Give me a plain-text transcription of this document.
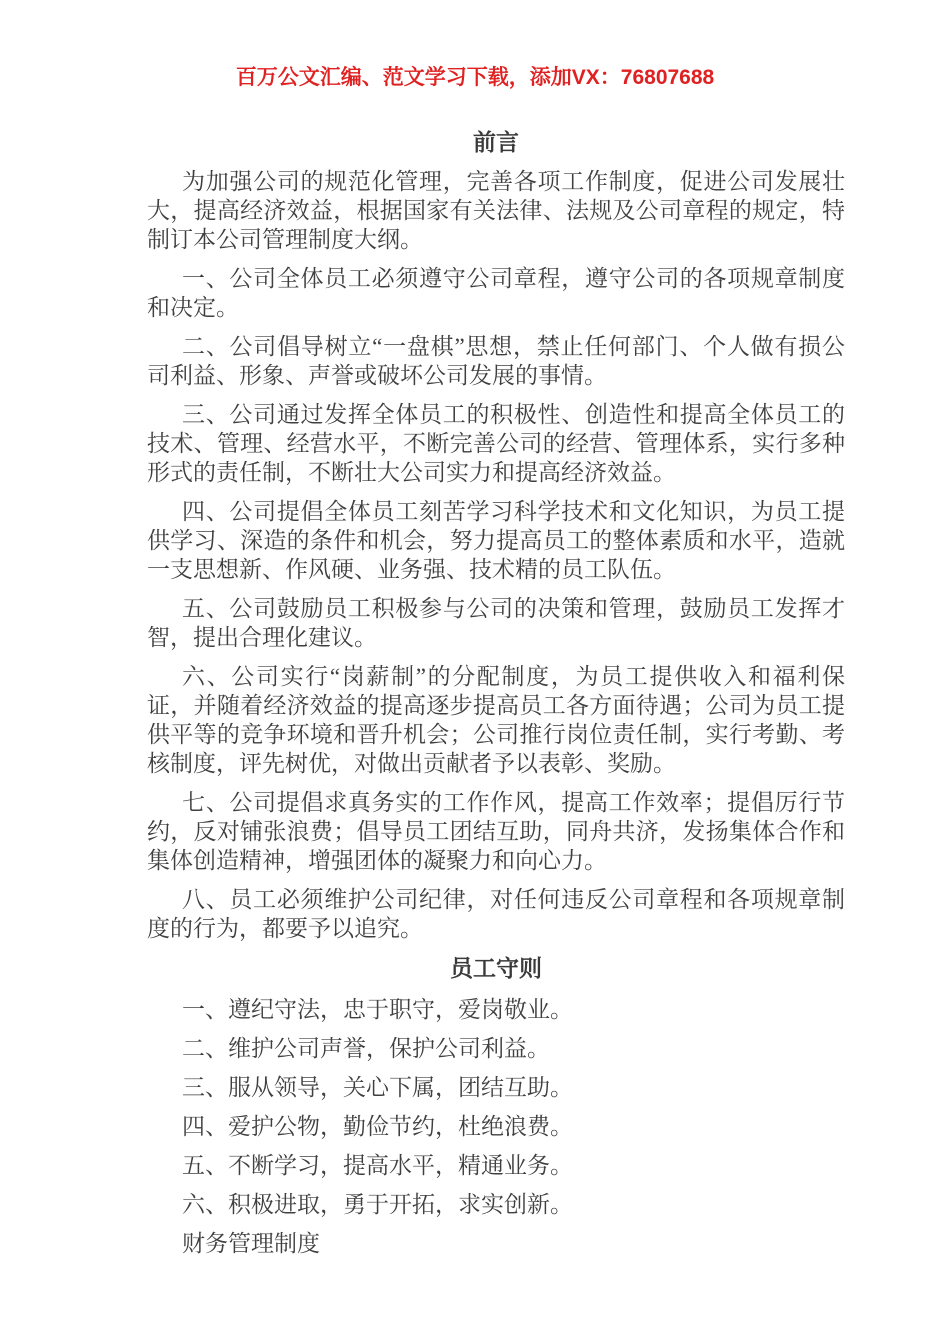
百万公文汇编、范文学习下载，添加VX：76807688
前言

为加强公司的规范化管理，完善各项工作制度，促进公司发展壮大，提高经济效益，根据国家有关法律、法规及公司章程的规定，特制订本公司管理制度大纲。

一、公司全体员工必须遵守公司章程，遵守公司的各项规章制度和决定。

二、公司倡导树立“一盘棋”思想，禁止任何部门、个人做有损公司利益、形象、声誉或破坏公司发展的事情。

三、公司通过发挥全体员工的积极性、创造性和提高全体员工的技术、管理、经营水平，不断完善公司的经营、管理体系，实行多种形式的责任制，不断壮大公司实力和提高经济效益。

四、公司提倡全体员工刻苦学习科学技术和文化知识，为员工提供学习、深造的条件和机会，努力提高员工的整体素质和水平，造就一支思想新、作风硬、业务强、技术精的员工队伍。

五、公司鼓励员工积极参与公司的决策和管理，鼓励员工发挥才智，提出合理化建议。

六、公司实行“岗薪制”的分配制度，为员工提供收入和福利保证，并随着经济效益的提高逐步提高员工各方面待遇；公司为员工提供平等的竞争环境和晋升机会；公司推行岗位责任制，实行考勤、考核制度，评先树优，对做出贡献者予以表彰、奖励。

七、公司提倡求真务实的工作作风，提高工作效率；提倡厉行节约，反对铺张浪费；倡导员工团结互助，同舟共济，发扬集体合作和集体创造精神，增强团体的凝聚力和向心力。

八、员工必须维护公司纪律，对任何违反公司章程和各项规章制度的行为，都要予以追究。

员工守则

一、遵纪守法，忠于职守，爱岗敬业。

二、维护公司声誉，保护公司利益。

三、服从领导，关心下属，团结互助。

四、爱护公物，勤俭节约，杜绝浪费。

五、不断学习，提高水平，精通业务。

六、积极进取，勇于开拓，求实创新。

财务管理制度
